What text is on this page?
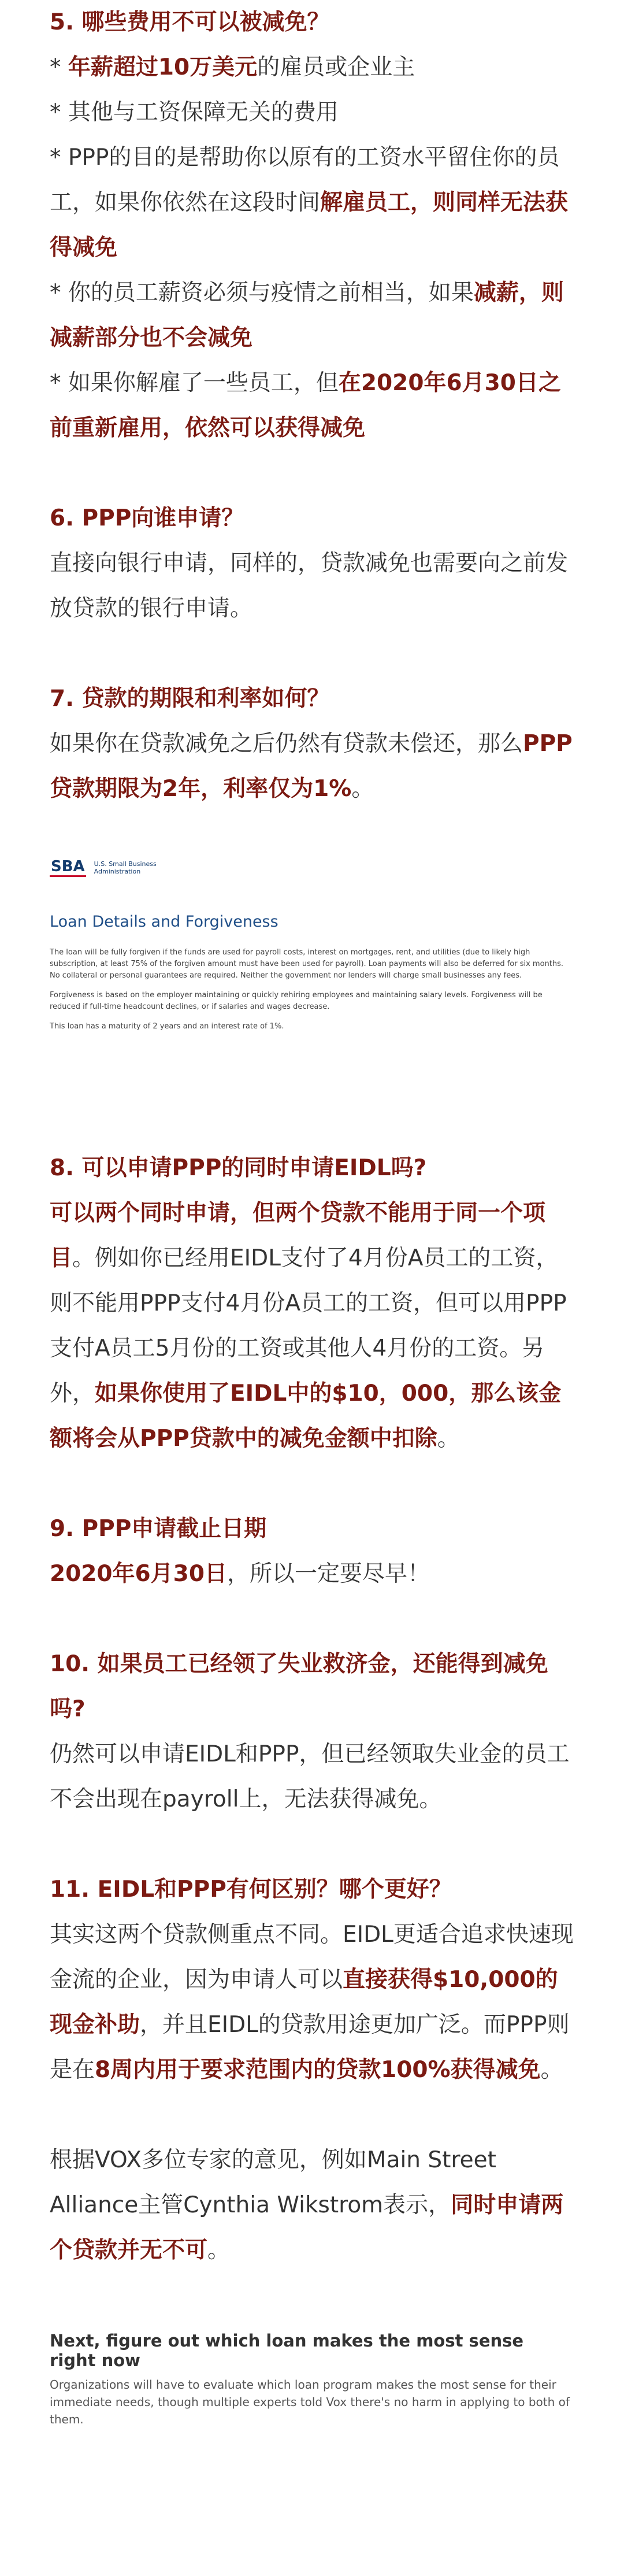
5. 哪些费用不可以被减免？

* 年薪超过10万美元的雇员或企业主

* 其他与工资保障无关的费用

* PPP的目的是帮助你以原有的工资水平留住你的员工，如果你依然在这段时间解雇员工，则同样无法获得减免

* 你的员工薪资必须与疫情之前相当，如果减薪，则减薪部分也不会减免

* 如果你解雇了一些员工，但在2020年6月30日之前重新雇用，依然可以获得减免

6. PPP向谁申请？

直接向银行申请，同样的，贷款减免也需要向之前发放贷款的银行申请。

7. 贷款的期限和利率如何？

如果你在贷款减免之后仍然有贷款未偿还，那么PPP贷款期限为2年，利率仅为1%。

SBA U.S. Small Business
Administration

Loan Details and Forgiveness

The loan will be fully forgiven if the funds are used for payroll costs, interest on mortgages, rent, and utilities (due to likely high subscription, at least 75% of the forgiven amount must have been used for payroll). Loan payments will also be deferred for six months. No collateral or personal guarantees are required. Neither the government nor lenders will charge small businesses any fees.

Forgiveness is based on the employer maintaining or quickly rehiring employees and maintaining salary levels. Forgiveness will be reduced if full-time headcount declines, or if salaries and wages decrease.

This loan has a maturity of 2 years and an interest rate of 1%.

8. 可以申请PPP的同时申请EIDL吗?

可以两个同时申请，但两个贷款不能用于同一个项目。例如你已经用EIDL支付了4月份A员工的工资，则不能用PPP支付4月份A员工的工资，但可以用PPP支付A员工5月份的工资或其他人4月份的工资。另外，如果你使用了EIDL中的$10，000，那么该金额将会从PPP贷款中的减免金额中扣除。

9. PPP申请截止日期

2020年6月30日，所以一定要尽早！

10. 如果员工已经领了失业救济金，还能得到减免吗?

仍然可以申请EIDL和PPP，但已经领取失业金的员工不会出现在payroll上，无法获得减免。

11. EIDL和PPP有何区别？哪个更好？

其实这两个贷款侧重点不同。EIDL更适合追求快速现金流的企业，因为申请人可以直接获得$10,000的现金补助，并且EIDL的贷款用途更加广泛。而PPP则是在8周内用于要求范围内的贷款100%获得减免。

根据VOX多位专家的意见，例如Main Street Alliance主管Cynthia Wikstrom表示，同时申请两个贷款并无不可。

Next, figure out which loan makes the most sense right now

Organizations will have to evaluate which loan program makes the most sense for their immediate needs, though multiple experts told Vox there's no harm in applying to both of them.
